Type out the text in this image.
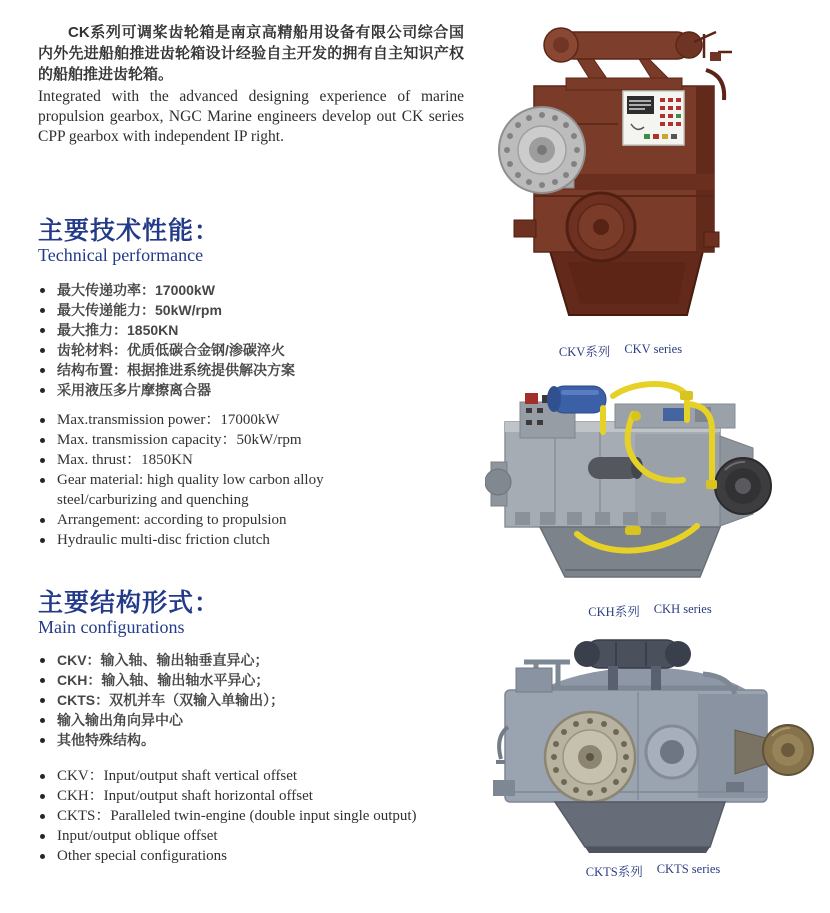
CK系列可调桨齿轮箱是南京高精船用设备有限公司综合国内外先进船舶推进齿轮箱设计经验自主开发的拥有自主知识产权的船舶推进齿轮箱。

Integrated with the advanced designing experience of marine propulsion gearbox, NGC Marine engineers develop out CK series CPP gearbox with independent IP right.

主要技术性能：
Technical performance
最大传递功率：17000kW
最大传递能力：50kW/rpm
最大推力：1850KN
齿轮材料：优质低碳合金钢/渗碳淬火
结构布置：根据推进系统提供解决方案
采用液压多片摩擦离合器
Max.transmission power：17000kW
Max. transmission capacity：50kW/rpm
Max. thrust：1850KN
Gear material: high quality low carbon alloy steel/carburizing and quenching
Arrangement: according to propulsion
Hydraulic multi-disc friction clutch
主要结构形式：
Main configurations
CKV：输入轴、输出轴垂直异心；
CKH：输入轴、输出轴水平异心；
CKTS：双机并车（双输入单输出）；
输入输出角向异中心
其他特殊结构。
CKV：Input/output shaft vertical offset
CKH：Input/output shaft horizontal offset
CKTS：Paralleled twin-engine (double input single output)
Input/output oblique offset
Other special configurations
CKV系列 CKV series
CKH系列 CKH series
CKTS系列 CKTS series
